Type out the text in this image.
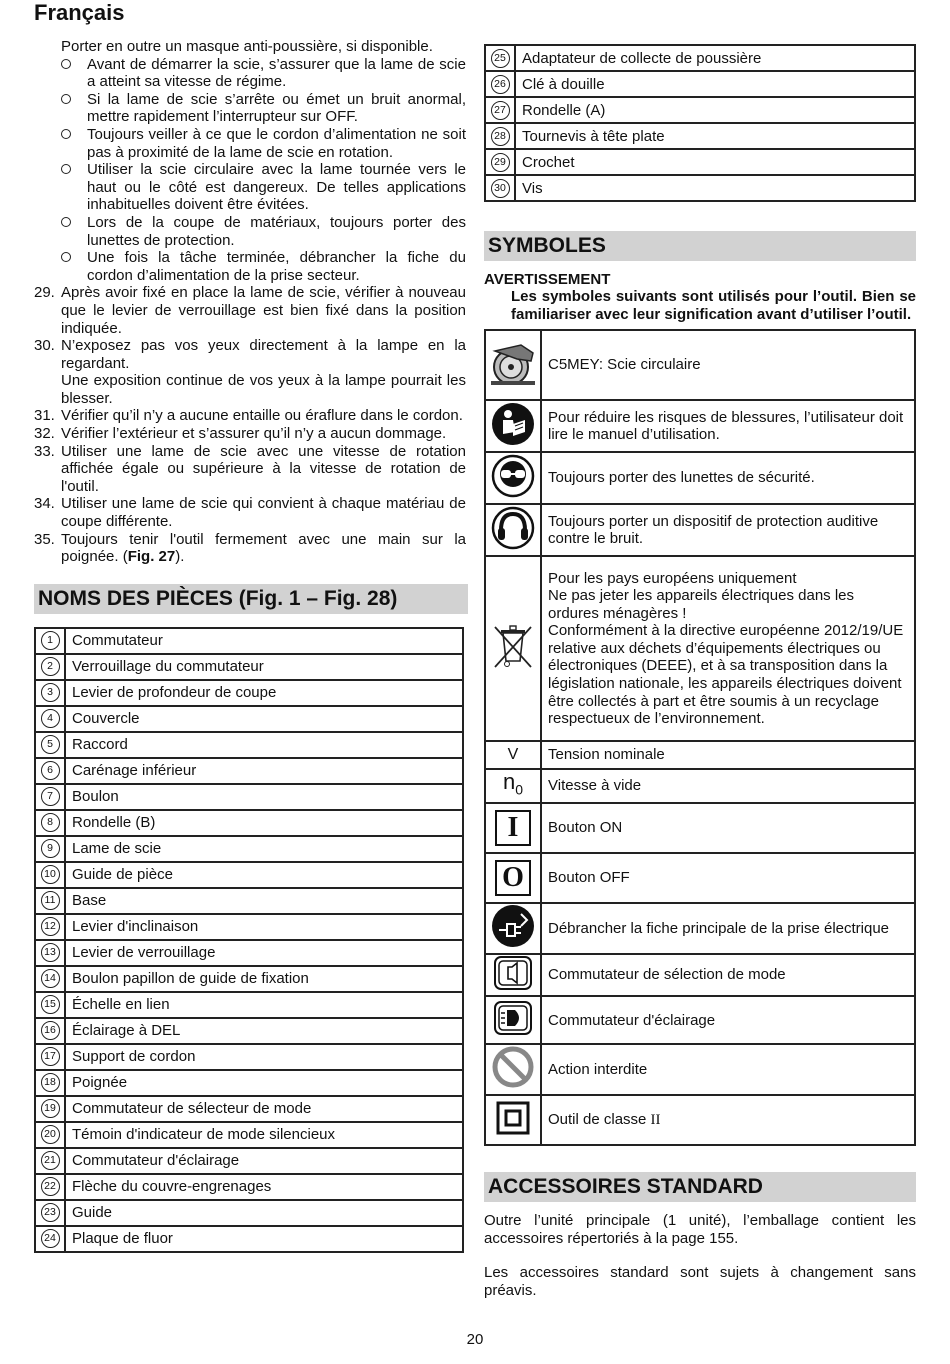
Français

Porter en outre un masque anti-poussière, si disponible.

Avant de démarrer la scie, s’assurer que la lame de scie a atteint sa vitesse de régime.

Si la lame de scie s’arrête ou émet un bruit anormal, mettre rapidement l’interrupteur sur OFF.

Toujours veiller à ce que le cordon d’alimentation ne soit pas à proximité de la lame de scie en rotation.

Utiliser la scie circulaire avec la lame tournée vers le haut ou le côté est dangereux. De telles applications inhabituelles doivent être évitées.

Lors de la coupe de matériaux, toujours porter des lunettes de protection.

Une fois la tâche terminée, débrancher la fiche du cordon d’alimentation de la prise secteur.

29. Après avoir fixé en place la lame de scie, vérifier à nouveau que le levier de verrouillage est bien fixé dans la position indiquée.

30. N’exposez pas vos yeux directement à la lampe en la regardant.

Une exposition continue de vos yeux à la lampe pourrait les blesser.

31. Vérifier qu’il n’y a aucune entaille ou éraflure dans le cordon.

32. Vérifier l’extérieur et s’assurer qu’il n’y a aucun dommage.

33. Utiliser une lame de scie avec une vitesse de rotation affichée égale ou supérieure à la vitesse de rotation de l'outil.

34. Utiliser une lame de scie qui convient à chaque matériau de coupe différente.

35. Toujours tenir l'outil fermement avec une main sur la poignée. (Fig. 27).

NOMS DES PIÈCES (Fig. 1 – Fig. 28)
1	Commutateur
2	Verrouillage du commutateur
3	Levier de profondeur de coupe
4	Couvercle
5	Raccord
6	Carénage inférieur
7	Boulon
8	Rondelle (B)
9	Lame de scie
10	Guide de pièce
11	Base
12	Levier d'inclinaison
13	Levier de verrouillage
14	Boulon papillon de guide de fixation
15	Échelle en lien
16	Éclairage à DEL
17	Support de cordon
18	Poignée
19	Commutateur de sélecteur de mode
20	Témoin d'indicateur de mode silencieux
21	Commutateur d'éclairage
22	Flèche du couvre-engrenages
23	Guide
24	Plaque de fluor
25	Adaptateur de collecte de poussière
26	Clé à douille
27	Rondelle (A)
28	Tournevis à tête plate
29	Crochet
30	Vis
SYMBOLES
AVERTISSEMENT
Les symboles suivants sont utilisés pour l’outil. Bien se familiariser avec leur signification avant d’utiliser l’outil.
	C5MEY: Scie circulaire
	Pour réduire les risques de blessures, l’utilisateur doit lire le manuel d’utilisation.
	Toujours porter des lunettes de sécurité.
	Toujours porter un dispositif de protection auditive contre le bruit.
	Pour les pays européens uniquement
Ne pas jeter les appareils électriques dans les ordures ménagères !
Conformément à la directive européenne 2012/19/UE relative aux déchets d’équipements électriques ou électroniques (DEEE), et à sa transposition dans la législation nationale, les appareils électriques doivent être collectés à part et être soumis à un recyclage respectueux de l’environnement.
V	Tension nominale
$n_0$	Vitesse à vide
I	Bouton ON
O	Bouton OFF
	Débrancher la fiche principale de la prise électrique
	Commutateur de sélection de mode
	Commutateur d'éclairage
	Action interdite
	Outil de classe II
ACCESSOIRES STANDARD

Outre l’unité principale (1 unité), l’emballage contient les accessoires répertoriés à la page 155.

Les accessoires standard sont sujets à changement sans préavis.

20
